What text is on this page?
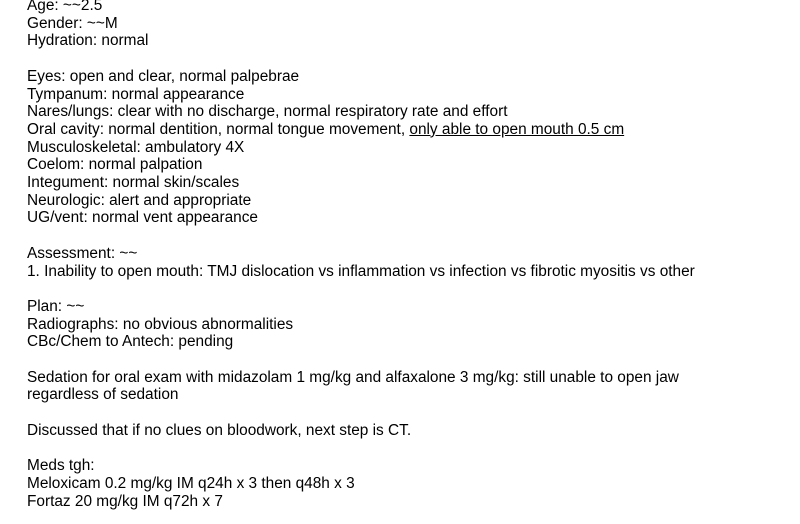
Age: ~~2.5
Gender: ~~M
Hydration: normal
Eyes: open and clear, normal palpebrae
Tympanum: normal appearance
Nares/lungs: clear with no discharge, normal respiratory rate and effort
Oral cavity: normal dentition, normal tongue movement, only able to open mouth 0.5 cm
Musculoskeletal: ambulatory 4X
Coelom: normal palpation
Integument: normal skin/scales
Neurologic: alert and appropriate
UG/vent: normal vent appearance
Assessment: ~~
1. Inability to open mouth: TMJ dislocation vs inflammation vs infection vs fibrotic myositis vs other
Plan: ~~
Radiographs: no obvious abnormalities
CBc/Chem to Antech: pending
Sedation for oral exam with midazolam 1 mg/kg and alfaxalone 3 mg/kg: still unable to open jaw regardless of sedation
Discussed that if no clues on bloodwork, next step is CT.
Meds tgh:
Meloxicam 0.2 mg/kg IM q24h x 3 then q48h x 3
Fortaz 20 mg/kg IM q72h x 7
